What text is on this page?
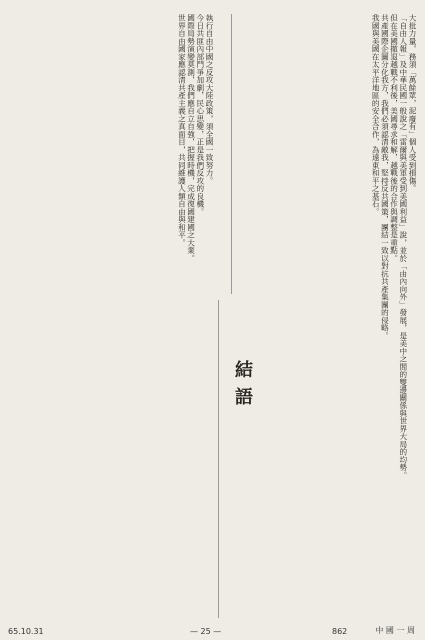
大批力量，務須「萬餘眾，泥廢有」個人受到損傷。

「自由人報」及中華民國一般說之「雷爾與美軍受到美國利益」說，並於「由內向外」發展，是美中之間的雙邊關係與世界大局的均勢。

但在美國撤退越戰不利後，美國尋求和解，越戰後的合作與調整是重點。

共產國際企圖分化我方，我們必須認清敵我，堅持反共國策，團結一致以對抗共產集團的侵略。

我國與美國在太平洋地區的安全合作，為遠東和平之基石。

結語

執行自由中國之反攻大陸政策，須全國一致努力。

今日共匪內部鬥爭加劇，民心思變，正是我們反攻的良機。

國際局勢演變莫測，我們應自立自強，把握時機，完成復國建國之大業。

世界自由國家應認清共產主義之真面目，共同維護人類自由與和平。

65.10.31	— 25 —	862	中 國 一 周
